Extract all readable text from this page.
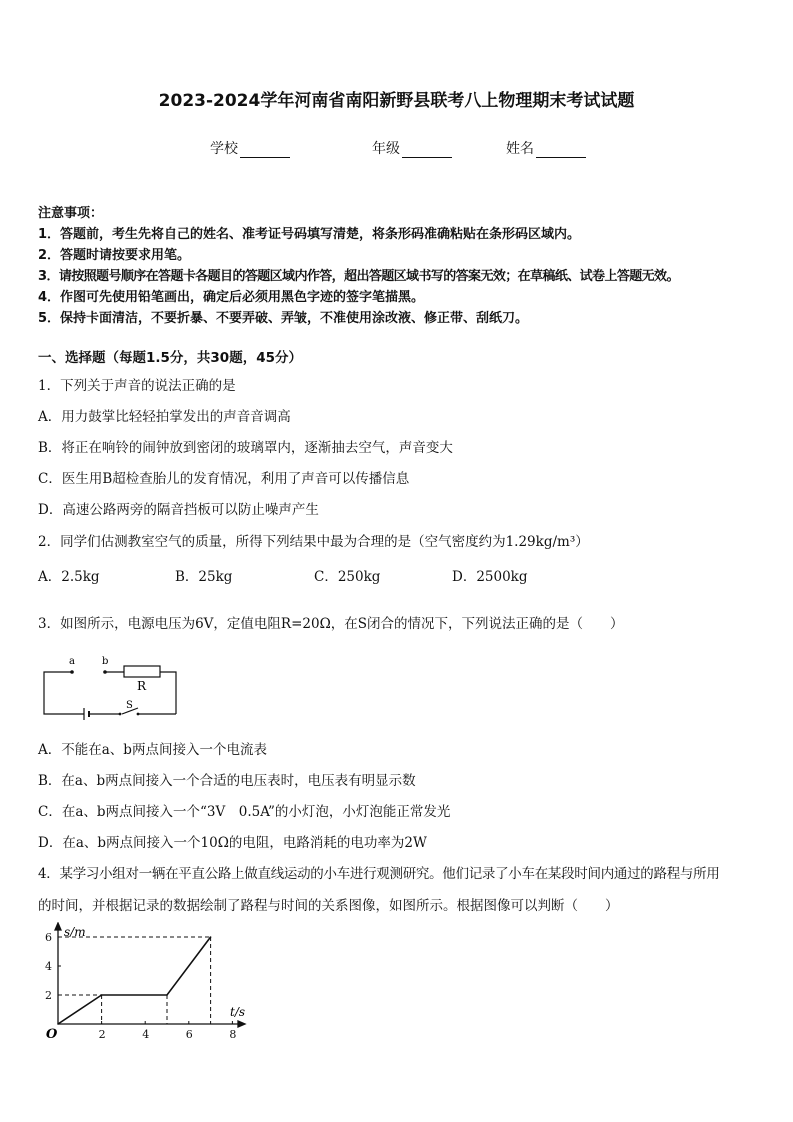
2023-2024学年河南省南阳新野县联考八上物理期末考试试题
学校	年级	姓名
注意事项：
1．答题前，考生先将自己的姓名、准考证号码填写清楚，将条形码准确粘贴在条形码区域内。
2．答题时请按要求用笔。
3．请按照题号顺序在答题卡各题目的答题区域内作答，超出答题区域书写的答案无效；在草稿纸、试卷上答题无效。
4．作图可先使用铅笔画出，确定后必须用黑色字迹的签字笔描黑。
5．保持卡面清洁，不要折暴、不要弄破、弄皱，不准使用涂改液、修正带、刮纸刀。
一、选择题（每题1.5分，共30题，45分）
1．下列关于声音的说法正确的是
A．用力鼓掌比轻轻拍掌发出的声音音调高
B．将正在响铃的闹钟放到密闭的玻璃罩内，逐渐抽去空气，声音变大
C．医生用B超检查胎儿的发育情况，利用了声音可以传播信息
D．高速公路两旁的隔音挡板可以防止噪声产生
2．同学们估测教室空气的质量，所得下列结果中最为合理的是（空气密度约为1.29kg/m³）
A．2.5kg	B．25kg	C．250kg	D．2500kg
3．如图所示，电源电压为6V，定值电阻R=20Ω，在S闭合的情况下，下列说法正确的是（　　）
a	b
R
S
A．不能在a、b两点间接入一个电流表
B．在a、b两点间接入一个合适的电压表时，电压表有明显示数
C．在a、b两点间接入一个“3V　0.5A”的小灯泡，小灯泡能正常发光
D．在a、b两点间接入一个10Ω的电阻，电路消耗的电功率为2W
4．某学习小组对一辆在平直公路上做直线运动的小车进行观测研究。他们记录了小车在某段时间内通过的路程与所用
的时间，并根据记录的数据绘制了路程与时间的关系图像，如图所示。根据图像可以判断（　　）
2	4	6	8
2
4
6 s/m
t/s
O
